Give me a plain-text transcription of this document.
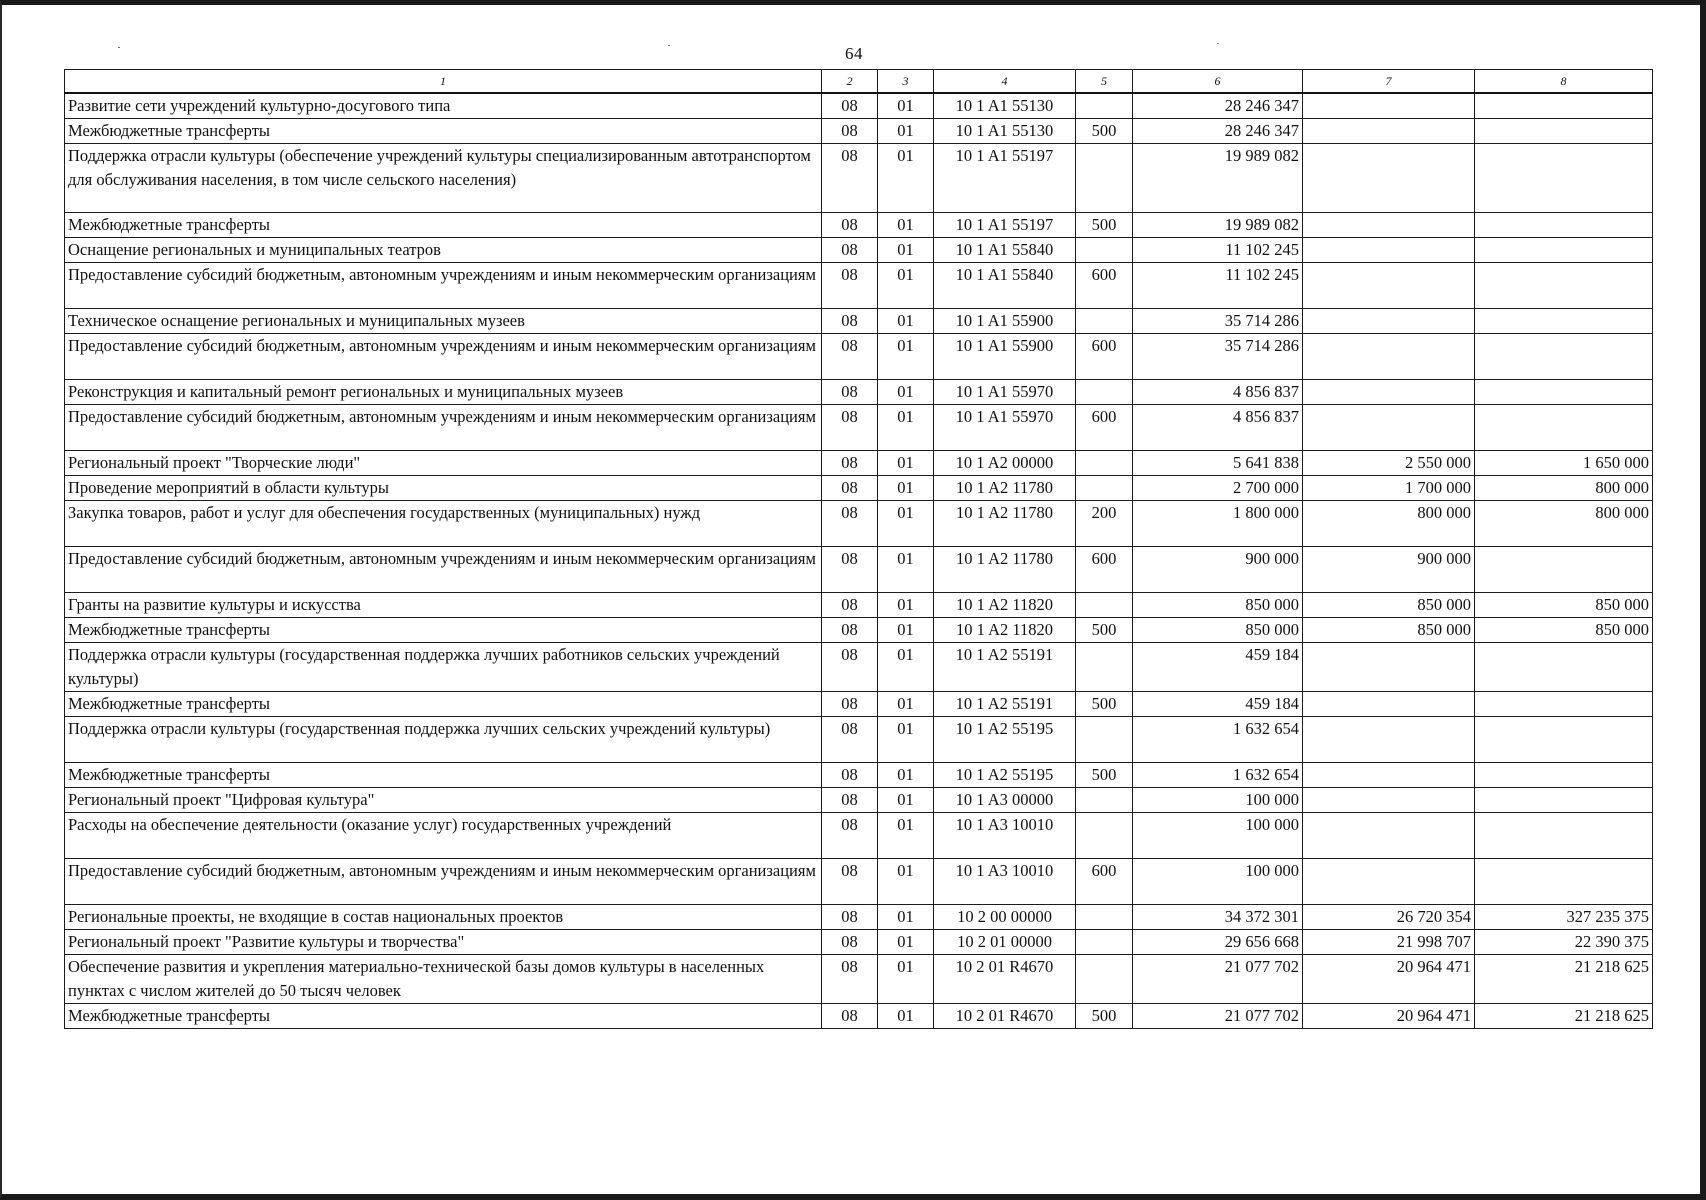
64
1	2	3	4	5	6	7	8
Развитие сети учреждений культурно-досугового типа	08	01	10 1 A1 55130		28 246 347		
Межбюджетные трансферты	08	01	10 1 A1 55130	500	28 246 347		
Поддержка отрасли культуры (обеспечение учреждений культуры специализированным автотранспортом для обслуживания населения, в том числе сельского населения)	08	01	10 1 A1 55197		19 989 082		
Межбюджетные трансферты	08	01	10 1 A1 55197	500	19 989 082		
Оснащение региональных и муниципальных театров	08	01	10 1 A1 55840		11 102 245		
Предоставление субсидий бюджетным, автономным учреждениям и иным некоммерческим организациям	08	01	10 1 A1 55840	600	11 102 245		
Техническое оснащение региональных и муниципальных музеев	08	01	10 1 A1 55900		35 714 286		
Предоставление субсидий бюджетным, автономным учреждениям и иным некоммерческим организациям	08	01	10 1 A1 55900	600	35 714 286		
Реконструкция и капитальный ремонт региональных и муниципальных музеев	08	01	10 1 A1 55970		4 856 837		
Предоставление субсидий бюджетным, автономным учреждениям и иным некоммерческим организациям	08	01	10 1 A1 55970	600	4 856 837		
Региональный проект "Творческие люди"	08	01	10 1 A2 00000		5 641 838	2 550 000	1 650 000
Проведение мероприятий в области культуры	08	01	10 1 A2 11780		2 700 000	1 700 000	800 000
Закупка товаров, работ и услуг для обеспечения государственных (муниципальных) нужд	08	01	10 1 A2 11780	200	1 800 000	800 000	800 000
Предоставление субсидий бюджетным, автономным учреждениям и иным некоммерческим организациям	08	01	10 1 A2 11780	600	900 000	900 000	
Гранты на развитие культуры и искусства	08	01	10 1 A2 11820		850 000	850 000	850 000
Межбюджетные трансферты	08	01	10 1 A2 11820	500	850 000	850 000	850 000
Поддержка отрасли культуры (государственная поддержка лучших работников сельских учреждений культуры)	08	01	10 1 A2 55191		459 184		
Межбюджетные трансферты	08	01	10 1 A2 55191	500	459 184		
Поддержка отрасли культуры (государственная поддержка лучших сельских учреждений культуры)	08	01	10 1 A2 55195		1 632 654		
Межбюджетные трансферты	08	01	10 1 A2 55195	500	1 632 654		
Региональный проект "Цифровая культура"	08	01	10 1 A3 00000		100 000		
Расходы на обеспечение деятельности (оказание услуг) государственных учреждений	08	01	10 1 A3 10010		100 000		
Предоставление субсидий бюджетным, автономным учреждениям и иным некоммерческим организациям	08	01	10 1 A3 10010	600	100 000		
Региональные проекты, не входящие в состав национальных проектов	08	01	10 2 00 00000		34 372 301	26 720 354	327 235 375
Региональный проект "Развитие культуры и творчества"	08	01	10 2 01 00000		29 656 668	21 998 707	22 390 375
Обеспечение развития и укрепления материально-технической базы домов культуры в населенных пунктах с числом жителей до 50 тысяч человек	08	01	10 2 01 R4670		21 077 702	20 964 471	21 218 625
Межбюджетные трансферты	08	01	10 2 01 R4670	500	21 077 702	20 964 471	21 218 625
